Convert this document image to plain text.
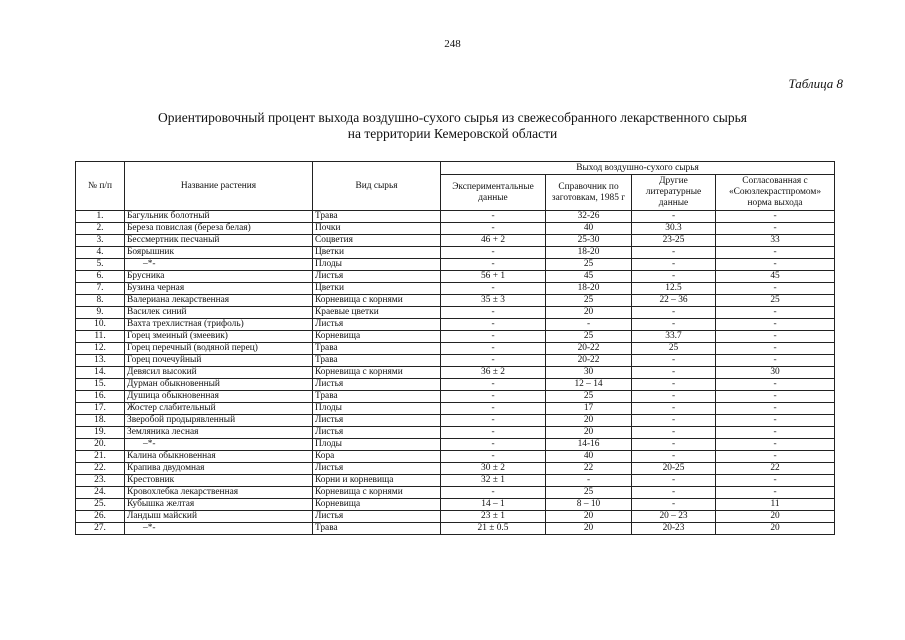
248
Таблица 8
Ориентировочный процент выхода воздушно-сухого сырья из свежесобранного лекарственного сырья
на территории Кемеровской области
№ п/п	Название растения	Вид сырья	Выход воздушно-сухого сырья			
			Экспериментальные данные	Справочник по заготовкам, 1985 г	Другие литературные данные	Согласованная с «Союзлекрастпромом» норма выхода
1.	Багульник болотный	Трава	-	32-26	-	-
2.	Береза повислая (береза белая)	Почки	-	40	30.3	-
3.	Бессмертник песчаный	Соцветия	46 + 2	25-30	23-25	33
4.	Боярышник	Цветки	-	18-20	-	-
5.	–*-	Плоды	-	25	-	-
6.	Брусника	Листья	56 + 1	45	-	45
7.	Бузина черная	Цветки	-	18-20	12.5	-
8.	Валериана лекарственная	Корневища с корнями	35 ± 3	25	22 – 36	25
9.	Василек синий	Краевые цветки	-	20	-	-
10.	Вахта трехлистная (трифоль)	Листья	-	-	-	-
11.	Горец змеиный (змеевик)	Корневища	-	25	33.7	-
12.	Горец перечный (водяной перец)	Трава	-	20-22	25	-
13.	Горец почечуйный	Трава	-	20-22	-	-
14.	Девясил высокий	Корневища с корнями	36 ± 2	30	-	30
15.	Дурман обыкновенный	Листья	-	12 – 14	-	-
16.	Душица обыкновенная	Трава	-	25	-	-
17.	Жостер слабительный	Плоды	-	17	-	-
18.	Зверобой продырявленный	Листья	-	20	-	-
19.	Земляника лесная	Листья	-	20	-	-
20.	–*-	Плоды	-	14-16	-	-
21.	Калина обыкновенная	Кора	-	40	-	-
22.	Крапива двудомная	Листья	30 ± 2	22	20-25	22
23.	Крестовник	Корни и корневища	32 ± 1	-	-	-
24.	Кровохлебка лекарственная	Корневища с корнями	-	25	-	-
25.	Кубышка желтая	Корневища	14 – 1	8 – 10	-	11
26.	Ландыш майский	Листья	23 ± 1	20	20 – 23	20
27.	–*-	Трава	21 ± 0.5	20	20-23	20
